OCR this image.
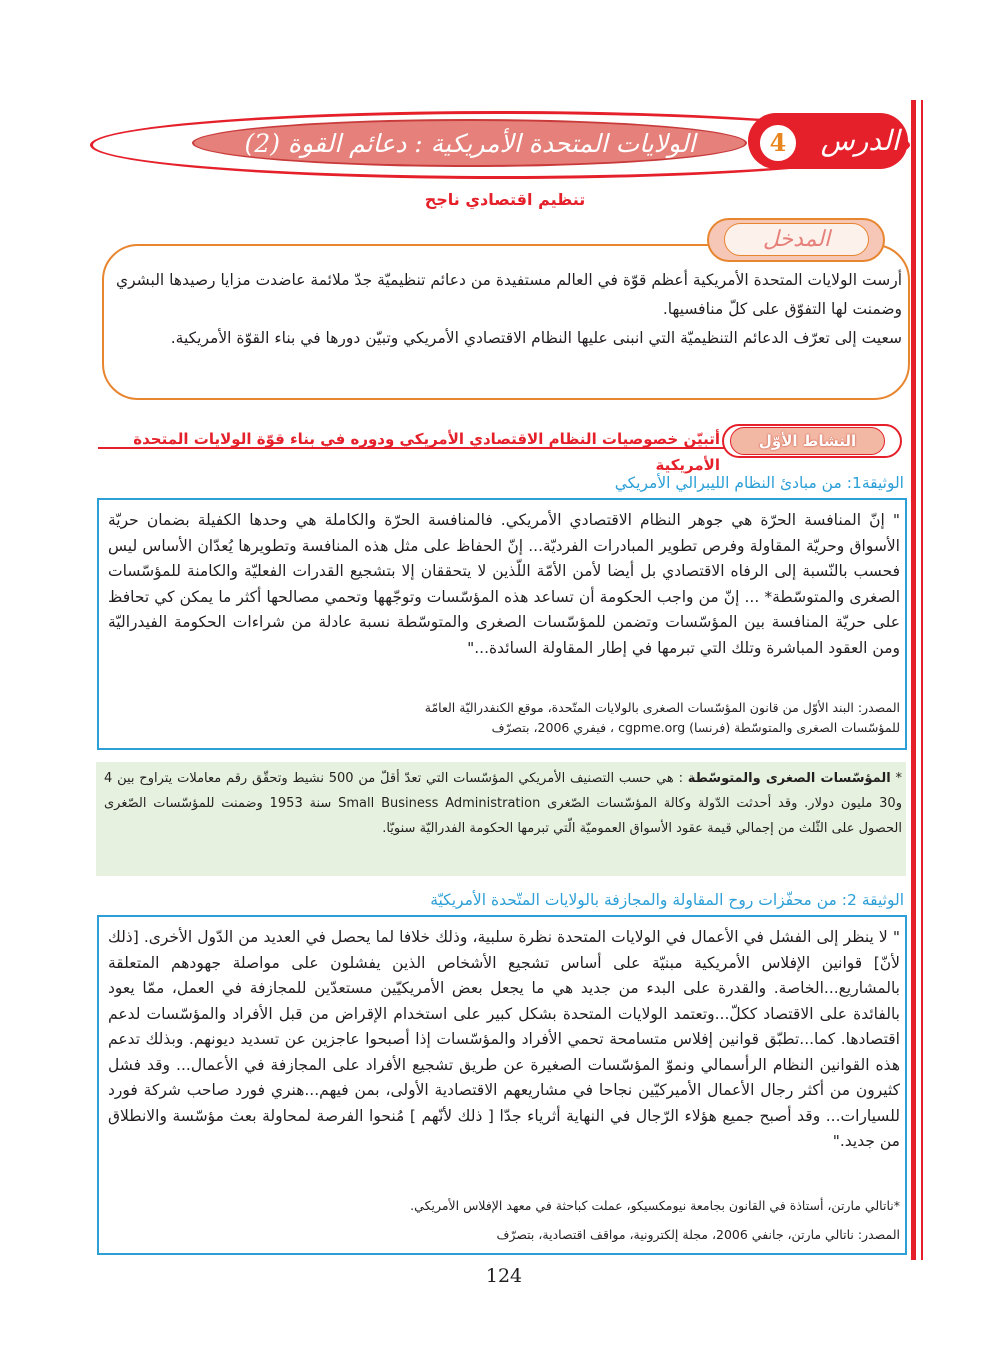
الدرس
4
الولايات المتحدة الأمريكية : دعائم القوة (2)
تنظيم اقتصادي ناجح
المدخل

أرست الولايات المتحدة الأمريكية أعظم قوّة في العالم مستفيدة من دعائم تنظيميّة جدّ ملائمة عاضدت مزايا رصيدها البشري وضمنت لها التفوّق على كلّ منافسيها.

سعيت إلى تعرّف الدعائم التنظيميّة التي انبنى عليها النظام الاقتصادي الأمريكي وتبيّن دورها في بناء القوّة الأمريكية.

النشاط الأوّل
أتبيّن خصوصيات النظام الاقتصادي الأمريكي ودوره في بناء قوّة الولايات المتحدة الأمريكية
الوثيقة1: من مبادئ النظام الليبرالي الأمريكي
" إنّ المنافسة الحرّة هي جوهر النظام الاقتصادي الأمريكي. فالمنافسة الحرّة والكاملة هي وحدها الكفيلة بضمان حريّة الأسواق وحريّة المقاولة وفرص تطوير المبادرات الفرديّة... إنّ الحفاظ على مثل هذه المنافسة وتطويرها يُعدّان الأساس ليس فحسب بالنّسبة إلى الرفاه الاقتصادي بل أيضا لأمن الأمّة اللّذين لا يتحققان إلا بتشجيع القدرات الفعليّة والكامنة للمؤسّسات الصغرى والمتوسّطة* ... إنّ من واجب الحكومة أن تساعد هذه المؤسّسات وتوجّهها وتحمي مصالحها أكثر ما يمكن كي تحافظ على حريّة المنافسة بين المؤسّسات وتضمن للمؤسّسات الصغرى والمتوسّطة نسبة عادلة من شراءات الحكومة الفيدراليّة ومن العقود المباشرة وتلك التي تبرمها في إطار المقاولة السائدة..."
المصدر: البند الأوّل من قانون المؤسّسات الصغرى بالولايات المتّحدة، موقع الكنفدراليّة العامّة
للمؤسّسات الصغرى والمتوسّطة (فرنسا) cgpme.org ، فيفري 2006، بتصرّف
* المؤسّسات الصغرى والمتوسّطة : هي حسب التصنيف الأمريكي المؤسّسات التي تعدّ أقلّ من 500 نشيط وتحقّق رقم معاملات يتراوح بين 4 و30 مليون دولار. وقد أحدثت الدّولة وكالة المؤسّسات الصّغرى Small Business Administration سنة 1953 وضمنت للمؤسّسات الصّغرى الحصول على الثّلث من إجمالي قيمة عقود الأسواق العموميّة الّتي تبرمها الحكومة الفدراليّة سنويّا.
الوثيقة 2: من محفّزات روح المقاولة والمجازفة بالولايات المتّحدة الأمريكيّة
" لا ينظر إلى الفشل في الأعمال في الولايات المتحدة نظرة سلبية، وذلك خلافا لما يحصل في العديد من الدّول الأخرى. [ذلك لأنّ] قوانين الإفلاس الأمريكية مبنيّة على أساس تشجيع الأشخاص الذين يفشلون على مواصلة جهودهم المتعلقة بالمشاريع...الخاصة. والقدرة على البدء من جديد هي ما يجعل بعض الأمريكيّين مستعدّين للمجازفة في العمل، ممّا يعود بالفائدة على الاقتصاد ككلّ...وتعتمد الولايات المتحدة بشكل كبير على استخدام الإقراض من قبل الأفراد والمؤسّسات لدعم اقتصادها. كما...تطبّق قوانين إفلاس متسامحة تحمي الأفراد والمؤسّسات إذا أصبحوا عاجزين عن تسديد ديونهم. وبذلك تدعم هذه القوانين النظام الرأسمالي ونموّ المؤسّسات الصغيرة عن طريق تشجيع الأفراد على المجازفة في الأعمال... وقد فشل كثيرون من أكثر رجال الأعمال الأميركيّين نجاحا في مشاريعهم الاقتصادية الأولى، بمن فيهم...هنري فورد صاحب شركة فورد للسيارات... وقد أصبح جميع هؤلاء الرّجال في النهاية أثرياء جدّا [ ذلك لأنّهم ] مُنحوا الفرصة لمحاولة بعث مؤسّسة والانطلاق من جديد."
*ناتالي مارتن، أستاذة في القانون بجامعة نيومكسيكو، عملت كباحثة في معهد الإفلاس الأمريكي.
المصدر: ناتالي مارتن، جانفي 2006، مجلة إلكترونية، مواقف اقتصادية، بتصرّف
124
